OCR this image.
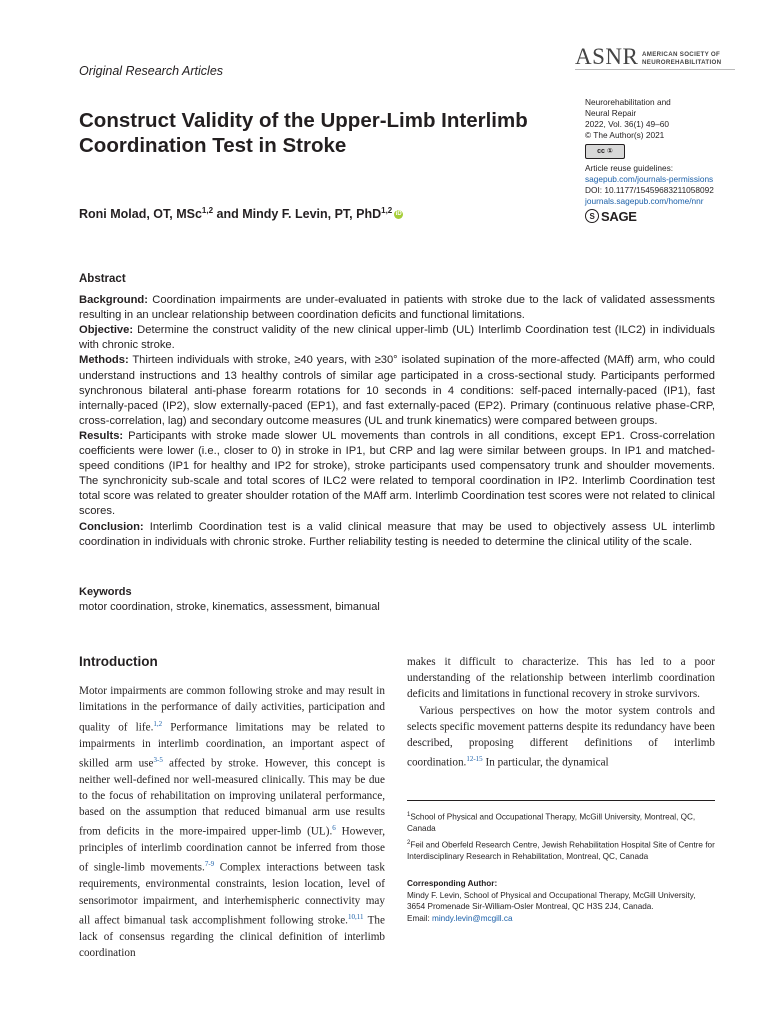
Original Research Articles
ASNR AMERICAN SOCIETY OF
NEUROREHABILITATION
Construct Validity of the Upper-Limb Interlimb Coordination Test in Stroke
Neurorehabilitation and
Neural Repair
2022, Vol. 36(1) 49–60
© The Author(s) 2021
cc ①
Article reuse guidelines:
sagepub.com/journals-permissions
DOI: 10.1177/15459683211058092
journals.sagepub.com/home/nnr
S SAGE
Roni Molad, OT, MSc$^{1,2}$ and Mindy F. Levin, PT, PhD$^{1,2}$ iD
Abstract

Background: Coordination impairments are under-evaluated in patients with stroke due to the lack of validated assessments resulting in an unclear relationship between coordination deficits and functional limitations.

Objective: Determine the construct validity of the new clinical upper-limb (UL) Interlimb Coordination test (ILC2) in individuals with chronic stroke.

Methods: Thirteen individuals with stroke, ≥40 years, with ≥30° isolated supination of the more-affected (MAff) arm, who could understand instructions and 13 healthy controls of similar age participated in a cross-sectional study. Participants performed synchronous bilateral anti-phase forearm rotations for 10 seconds in 4 conditions: self-paced internally-paced (IP1), fast internally-paced (IP2), slow externally-paced (EP1), and fast externally-paced (EP2). Primary (continuous relative phase-CRP, cross-correlation, lag) and secondary outcome measures (UL and trunk kinematics) were compared between groups.

Results: Participants with stroke made slower UL movements than controls in all conditions, except EP1. Cross-correlation coefficients were lower (i.e., closer to 0) in stroke in IP1, but CRP and lag were similar between groups. In IP1 and matched-speed conditions (IP1 for healthy and IP2 for stroke), stroke participants used compensatory trunk and shoulder movements. The synchronicity sub-scale and total scores of ILC2 were related to temporal coordination in IP2. Interlimb Coordination test total score was related to greater shoulder rotation of the MAff arm. Interlimb Coordination test scores were not related to clinical scores.

Conclusion: Interlimb Coordination test is a valid clinical measure that may be used to objectively assess UL interlimb coordination in individuals with chronic stroke. Further reliability testing is needed to determine the clinical utility of the scale.

Keywords
motor coordination, stroke, kinematics, assessment, bimanual
Introduction

Motor impairments are common following stroke and may result in limitations in the performance of daily activities, participation and quality of life.$^{1,2}$ Performance limitations may be related to impairments in interlimb coordination, an important aspect of skilled arm use$^{3-5}$ affected by stroke. However, this concept is neither well-defined nor well-measured clinically. This may be due to the focus of rehabilitation on improving unilateral performance, based on the assumption that reduced bimanual arm use results from deficits in the more-impaired upper-limb (UL).$^6$ However, principles of interlimb coordination cannot be inferred from those of single-limb movements.$^{7-9}$ Complex interactions between task requirements, environmental constraints, lesion location, level of sensorimotor impairment, and interhemispheric connectivity may all affect bimanual task accomplishment following stroke.$^{10,11}$ The lack of consensus regarding the clinical definition of interlimb coordination

makes it difficult to characterize. This has led to a poor understanding of the relationship between interlimb coordination deficits and limitations in functional recovery in stroke survivors.

Various perspectives on how the motor system controls and selects specific movement patterns despite its redundancy have been described, proposing different definitions of interlimb coordination.$^{12-15}$ In particular, the dynamical

$^1$School of Physical and Occupational Therapy, McGill University, Montreal, QC, Canada

$^2$Feil and Oberfeld Research Centre, Jewish Rehabilitation Hospital Site of Centre for Interdisciplinary Research in Rehabilitation, Montreal, QC, Canada

Corresponding Author:

Mindy F. Levin, School of Physical and Occupational Therapy, McGill University, 3654 Promenade Sir-William-Osler Montreal, QC H3S 2J4, Canada.

Email: mindy.levin@mcgill.ca
